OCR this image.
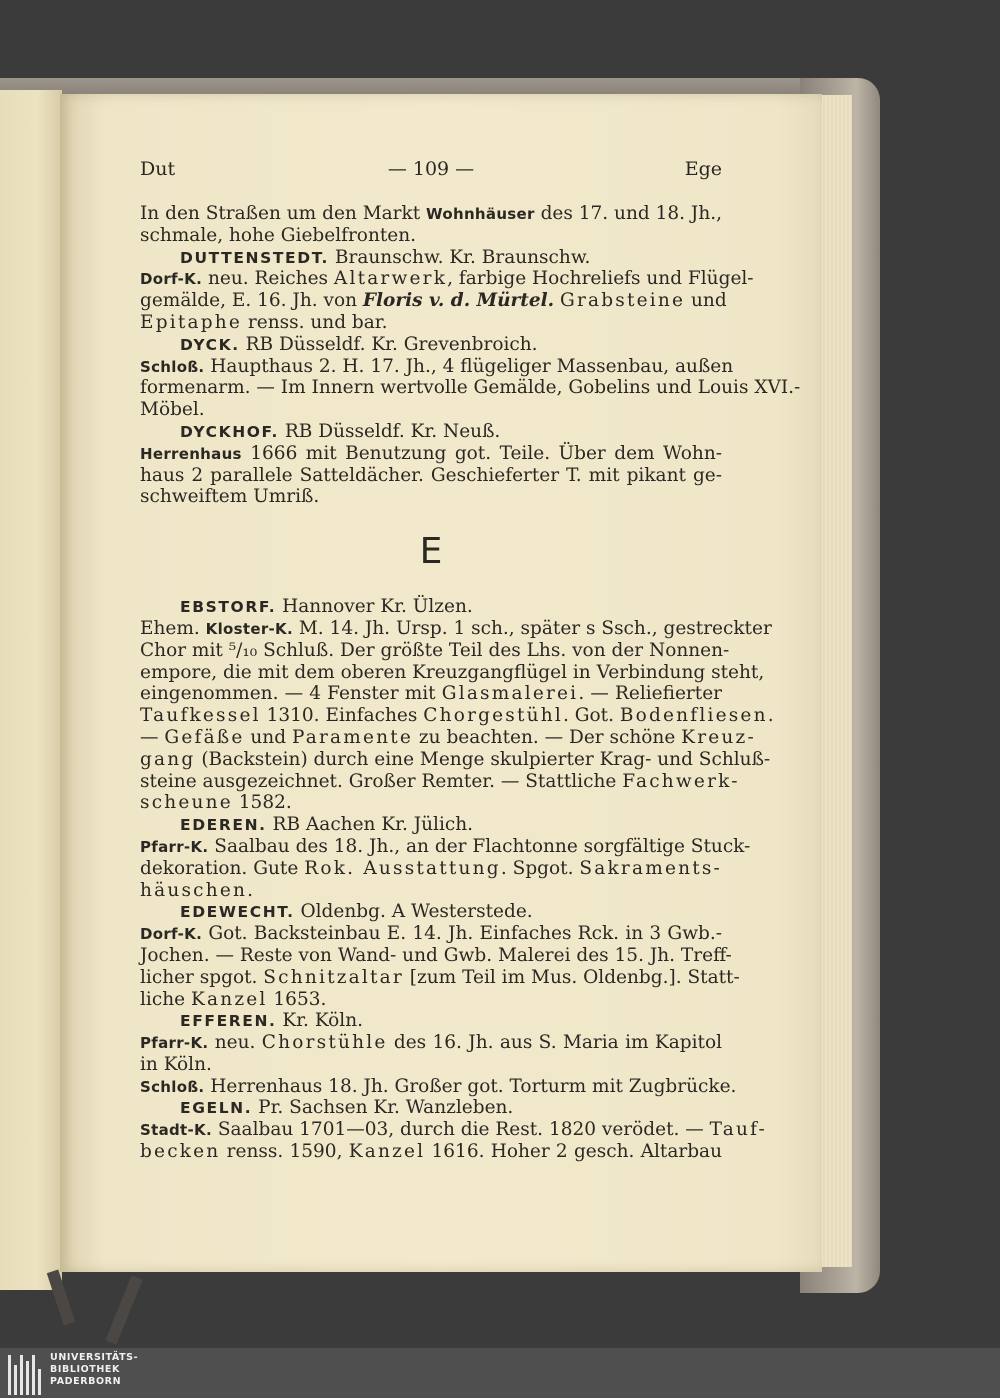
Dut	— 109 —	Ege
In den Straßen um den Markt Wohnhäuser des 17. und 18. Jh.,
schmale, hohe Giebelfronten.
DUTTENSTEDT. Braunschw. Kr. Braunschw.
Dorf-K. neu. Reiches Altarwerk, farbige Hochreliefs und Flügel-
gemälde, E. 16. Jh. von Floris v. d. Mürtel. Grabsteine und
Epitaphe renss. und bar.
DYCK. RB Düsseldf. Kr. Grevenbroich.
Schloß. Haupthaus 2. H. 17. Jh., 4 flügeliger Massenbau, außen
formenarm. — Im Innern wertvolle Gemälde, Gobelins und Louis XVI.-
Möbel.
DYCKHOF. RB Düsseldf. Kr. Neuß.
Herrenhaus 1666 mit Benutzung got. Teile. Über dem Wohn-
haus 2 parallele Satteldächer. Geschieferter T. mit pikant ge-
schweiftem Umriß.
E
EBSTORF. Hannover Kr. Ülzen.
Ehem. Kloster-K. M. 14. Jh. Ursp. 1 sch., später s Ssch., gestreckter
Chor mit ⁵/₁₀ Schluß. Der größte Teil des Lhs. von der Nonnen-
empore, die mit dem oberen Kreuzgangflügel in Verbindung steht,
eingenommen. — 4 Fenster mit Glasmalerei. — Reliefierter
Taufkessel 1310. Einfaches Chorgestühl. Got. Bodenfliesen.
— Gefäße und Paramente zu beachten. — Der schöne Kreuz-
gang (Backstein) durch eine Menge skulpierter Krag- und Schluß-
steine ausgezeichnet. Großer Remter. — Stattliche Fachwerk-
scheune 1582.
EDEREN. RB Aachen Kr. Jülich.
Pfarr-K. Saalbau des 18. Jh., an der Flachtonne sorgfältige Stuck-
dekoration. Gute Rok. Ausstattung. Spgot. Sakraments-
häuschen.
EDEWECHT. Oldenbg. A Westerstede.
Dorf-K. Got. Backsteinbau E. 14. Jh. Einfaches Rck. in 3 Gwb.-
Jochen. — Reste von Wand- und Gwb. Malerei des 15. Jh. Treff-
licher spgot. Schnitzaltar [zum Teil im Mus. Oldenbg.]. Statt-
liche Kanzel 1653.
EFFEREN. Kr. Köln.
Pfarr-K. neu. Chorstühle des 16. Jh. aus S. Maria im Kapitol
in Köln.
Schloß. Herrenhaus 18. Jh. Großer got. Torturm mit Zugbrücke.
EGELN. Pr. Sachsen Kr. Wanzleben.
Stadt-K. Saalbau 1701—03, durch die Rest. 1820 verödet. — Tauf-
becken renss. 1590, Kanzel 1616. Hoher 2 gesch. Altarbau
UNIVERSITÄTS-
BIBLIOTHEK
PADERBORN
